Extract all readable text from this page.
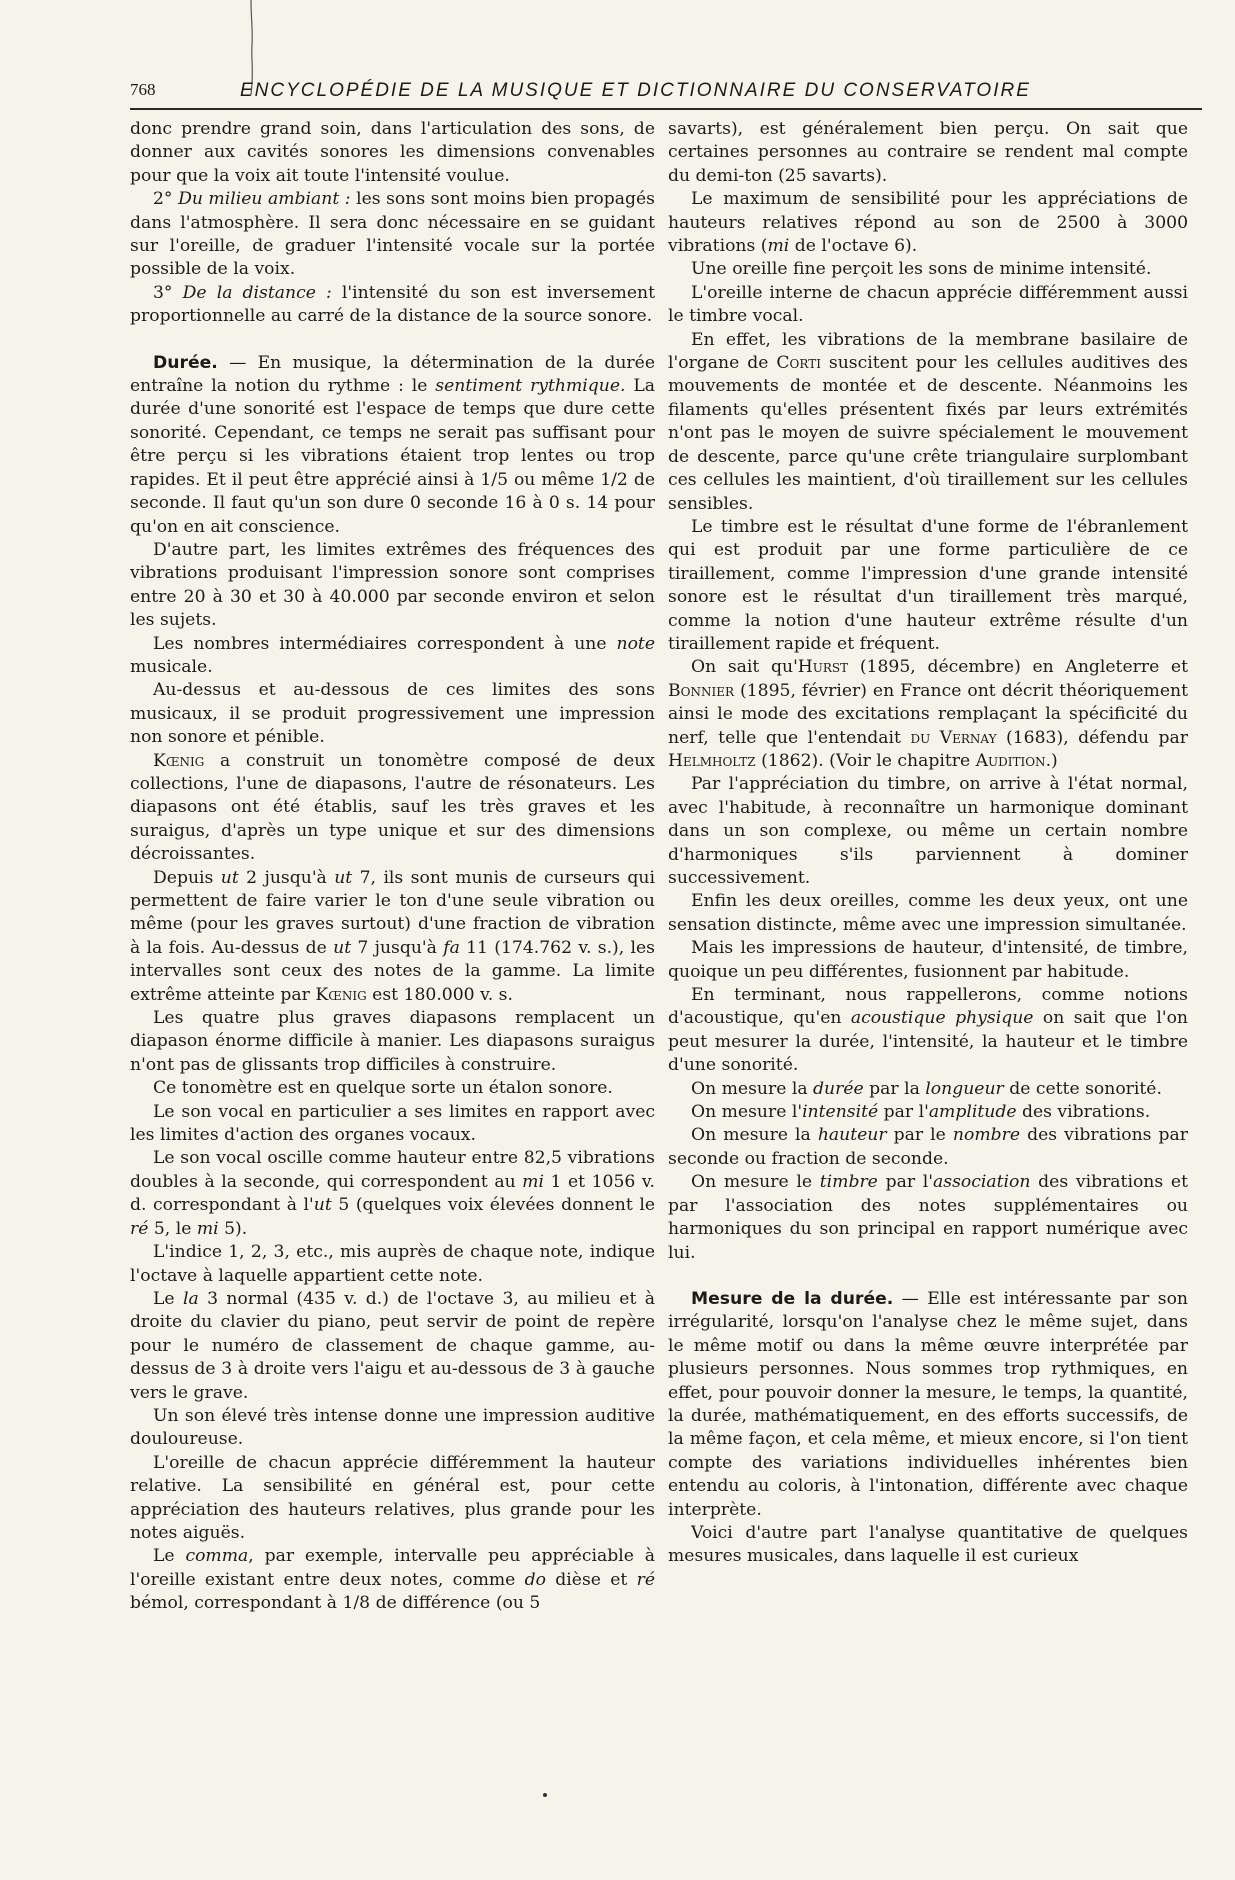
768	ENCYCLOPÉDIE DE LA MUSIQUE ET DICTIONNAIRE DU CONSERVATOIRE

donc prendre grand soin, dans l'articulation des sons, de donner aux cavités sonores les dimensions convenables pour que la voix ait toute l'intensité voulue.

2° Du milieu ambiant : les sons sont moins bien propagés dans l'atmosphère. Il sera donc nécessaire en se guidant sur l'oreille, de graduer l'intensité vocale sur la portée possible de la voix.

3° De la distance : l'intensité du son est inversement proportionnelle au carré de la distance de la source sonore.

Durée. — En musique, la détermination de la durée entraîne la notion du rythme : le sentiment rythmique. La durée d'une sonorité est l'espace de temps que dure cette sonorité. Cependant, ce temps ne serait pas suffisant pour être perçu si les vibrations étaient trop lentes ou trop rapides. Et il peut être apprécié ainsi à 1/5 ou même 1/2 de seconde. Il faut qu'un son dure 0 seconde 16 à 0 s. 14 pour qu'on en ait conscience.

D'autre part, les limites extrêmes des fréquences des vibrations produisant l'impression sonore sont comprises entre 20 à 30 et 30 à 40.000 par seconde environ et selon les sujets.

Les nombres intermédiaires correspondent à une note musicale.

Au-dessus et au-dessous de ces limites des sons musicaux, il se produit progressivement une impression non sonore et pénible.

Kœnig a construit un tonomètre composé de deux collections, l'une de diapasons, l'autre de résonateurs. Les diapasons ont été établis, sauf les très graves et les suraigus, d'après un type unique et sur des dimensions décroissantes.

Depuis ut 2 jusqu'à ut 7, ils sont munis de curseurs qui permettent de faire varier le ton d'une seule vibration ou même (pour les graves surtout) d'une fraction de vibration à la fois. Au-dessus de ut 7 jusqu'à fa 11 (174.762 v. s.), les intervalles sont ceux des notes de la gamme. La limite extrême atteinte par Kœnig est 180.000 v. s.

Les quatre plus graves diapasons remplacent un diapason énorme difficile à manier. Les diapasons suraigus n'ont pas de glissants trop difficiles à construire.

Ce tonomètre est en quelque sorte un étalon sonore.

Le son vocal en particulier a ses limites en rapport avec les limites d'action des organes vocaux.

Le son vocal oscille comme hauteur entre 82,5 vibrations doubles à la seconde, qui correspondent au mi 1 et 1056 v. d. correspondant à l'ut 5 (quelques voix élevées donnent le ré 5, le mi 5).

L'indice 1, 2, 3, etc., mis auprès de chaque note, indique l'octave à laquelle appartient cette note.

Le la 3 normal (435 v. d.) de l'octave 3, au milieu et à droite du clavier du piano, peut servir de point de repère pour le numéro de classement de chaque gamme, au-dessus de 3 à droite vers l'aigu et au-dessous de 3 à gauche vers le grave.

Un son élevé très intense donne une impression auditive douloureuse.

L'oreille de chacun apprécie différemment la hauteur relative. La sensibilité en général est, pour cette appréciation des hauteurs relatives, plus grande pour les notes aiguës.

Le comma, par exemple, intervalle peu appréciable à l'oreille existant entre deux notes, comme do dièse et ré bémol, correspondant à 1/8 de différence (ou 5

savarts), est généralement bien perçu. On sait que certaines personnes au contraire se rendent mal compte du demi-ton (25 savarts).

Le maximum de sensibilité pour les appréciations de hauteurs relatives répond au son de 2500 à 3000 vibrations (mi de l'octave 6).

Une oreille fine perçoit les sons de minime intensité.

L'oreille interne de chacun apprécie différemment aussi le timbre vocal.

En effet, les vibrations de la membrane basilaire de l'organe de Corti suscitent pour les cellules auditives des mouvements de montée et de descente. Néanmoins les filaments qu'elles présentent fixés par leurs extrémités n'ont pas le moyen de suivre spécialement le mouvement de descente, parce qu'une crête triangulaire surplombant ces cellules les maintient, d'où tiraillement sur les cellules sensibles.

Le timbre est le résultat d'une forme de l'ébranlement qui est produit par une forme particulière de ce tiraillement, comme l'impression d'une grande intensité sonore est le résultat d'un tiraillement très marqué, comme la notion d'une hauteur extrême résulte d'un tiraillement rapide et fréquent.

On sait qu'Hurst (1895, décembre) en Angleterre et Bonnier (1895, février) en France ont décrit théoriquement ainsi le mode des excitations remplaçant la spécificité du nerf, telle que l'entendait du Vernay (1683), défendu par Helmholtz (1862). (Voir le chapitre Audition.)

Par l'appréciation du timbre, on arrive à l'état normal, avec l'habitude, à reconnaître un harmonique dominant dans un son complexe, ou même un certain nombre d'harmoniques s'ils parviennent à dominer successivement.

Enfin les deux oreilles, comme les deux yeux, ont une sensation distincte, même avec une impression simultanée.

Mais les impressions de hauteur, d'intensité, de timbre, quoique un peu différentes, fusionnent par habitude.

En terminant, nous rappellerons, comme notions d'acoustique, qu'en acoustique physique on sait que l'on peut mesurer la durée, l'intensité, la hauteur et le timbre d'une sonorité.

On mesure la durée par la longueur de cette sonorité.

On mesure l'intensité par l'amplitude des vibrations.

On mesure la hauteur par le nombre des vibrations par seconde ou fraction de seconde.

On mesure le timbre par l'association des vibrations et par l'association des notes supplémentaires ou harmoniques du son principal en rapport numérique avec lui.

Mesure de la durée. — Elle est intéressante par son irrégularité, lorsqu'on l'analyse chez le même sujet, dans le même motif ou dans la même œuvre interprétée par plusieurs personnes. Nous sommes trop rythmiques, en effet, pour pouvoir donner la mesure, le temps, la quantité, la durée, mathématiquement, en des efforts successifs, de la même façon, et cela même, et mieux encore, si l'on tient compte des variations individuelles inhérentes bien entendu au coloris, à l'intonation, différente avec chaque interprète.

Voici d'autre part l'analyse quantitative de quelques mesures musicales, dans laquelle il est curieux
